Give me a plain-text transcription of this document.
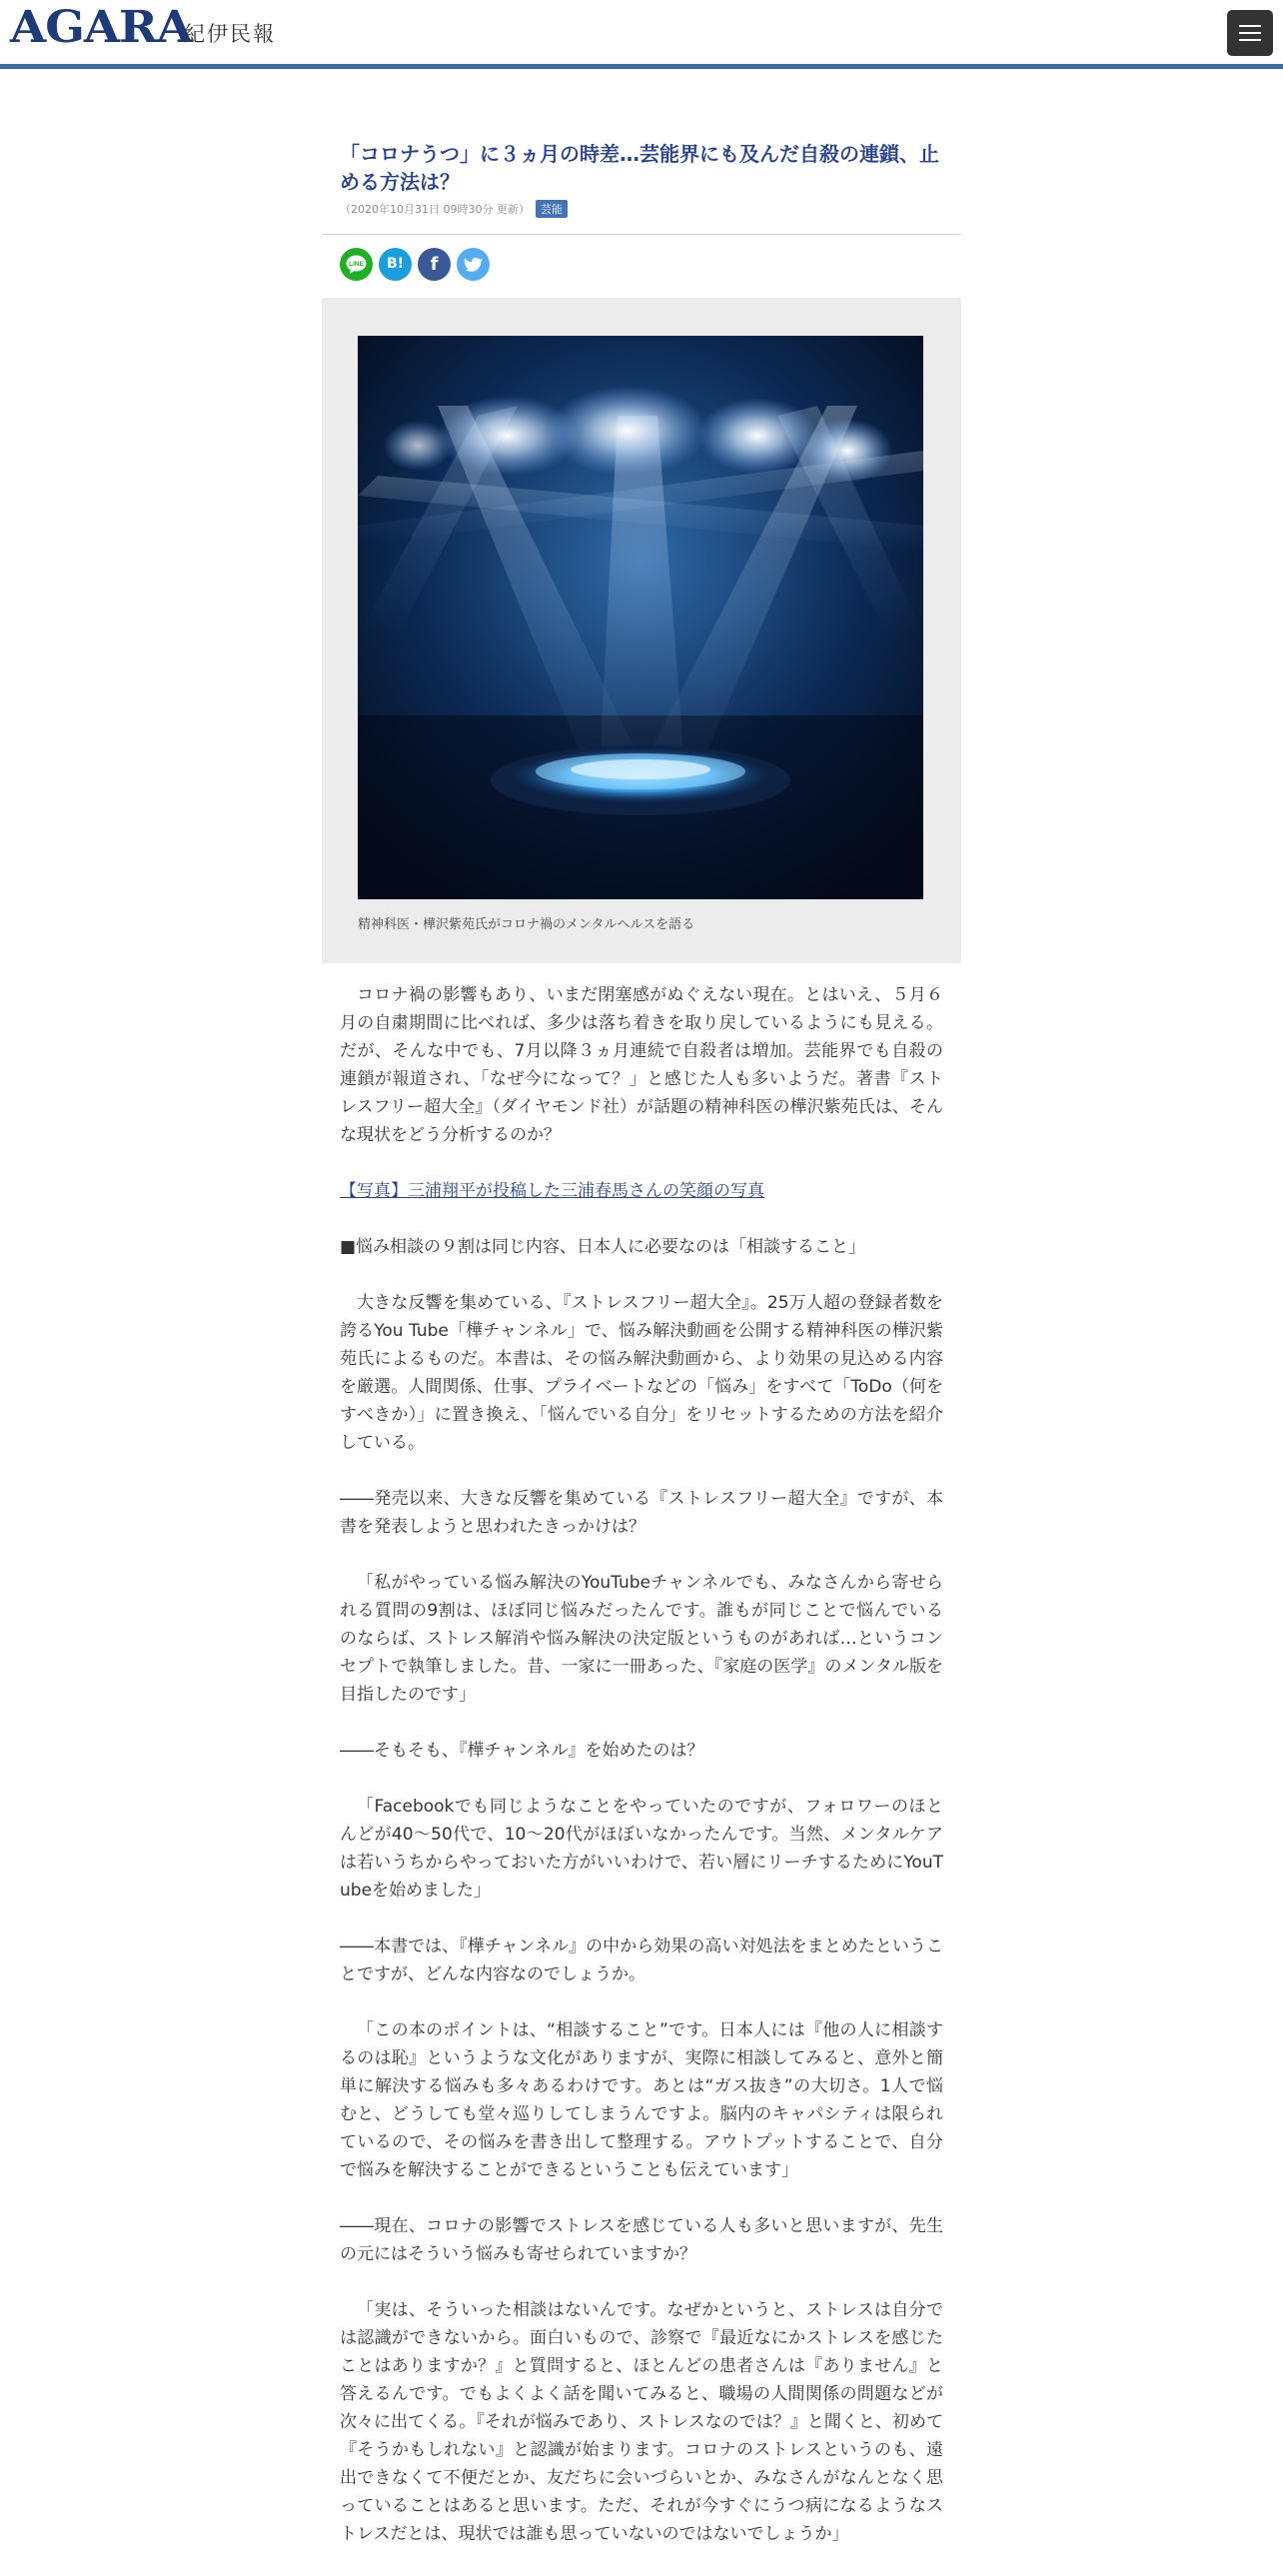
AGARA
紀伊民報
「コロナうつ」に３ヵ月の時差…芸能界にも及んだ自殺の連鎖、止める方法は？
（2020年10月31日 09時30分 更新） 芸能
LINE B! f
精神科医・樺沢紫苑氏がコロナ禍のメンタルヘルスを語る

コロナ禍の影響もあり、いまだ閉塞感がぬぐえない現在。とはいえ、５月６月の自粛期間に比べれば、多少は落ち着きを取り戻しているようにも見える。だが、そんな中でも、7月以降３ヵ月連続で自殺者は増加。芸能界でも自殺の連鎖が報道され、「なぜ今になって？」と感じた人も多いようだ。著書『ストレスフリー超大全』（ダイヤモンド社）が話題の精神科医の樺沢紫苑氏は、そんな現状をどう分析するのか？

【写真】三浦翔平が投稿した三浦春馬さんの笑顔の写真

■悩み相談の９割は同じ内容、日本人に必要なのは「相談すること」

大きな反響を集めている、『ストレスフリー超大全』。25万人超の登録者数を誇るYou Tube「樺チャンネル」で、悩み解決動画を公開する精神科医の樺沢紫苑氏によるものだ。本書は、その悩み解決動画から、より効果の見込める内容を厳選。人間関係、仕事、プライベートなどの「悩み」をすべて「ToDo（何をすべきか）」に置き換え、「悩んでいる自分」をリセットするための方法を紹介している。

――発売以来、大きな反響を集めている『ストレスフリー超大全』ですが、本書を発表しようと思われたきっかけは？

「私がやっている悩み解決のYouTubeチャンネルでも、みなさんから寄せられる質問の9割は、ほぼ同じ悩みだったんです。誰もが同じことで悩んでいるのならば、ストレス解消や悩み解決の決定版というものがあれば…というコンセプトで執筆しました。昔、一家に一冊あった、『家庭の医学』のメンタル版を目指したのです」

――そもそも、『樺チャンネル』を始めたのは？

「Facebookでも同じようなことをやっていたのですが、フォロワーのほとんどが40～50代で、10～20代がほぼいなかったんです。当然、メンタルケアは若いうちからやっておいた方がいいわけで、若い層にリーチするためにYouTubeを始めました」

――本書では、『樺チャンネル』の中から効果の高い対処法をまとめたということですが、どんな内容なのでしょうか。

「この本のポイントは、“相談すること”です。日本人には『他の人に相談するのは恥』というような文化がありますが、実際に相談してみると、意外と簡単に解決する悩みも多々あるわけです。あとは“ガス抜き”の大切さ。1人で悩むと、どうしても堂々巡りしてしまうんですよ。脳内のキャパシティは限られているので、その悩みを書き出して整理する。アウトプットすることで、自分で悩みを解決することができるということも伝えています」

――現在、コロナの影響でストレスを感じている人も多いと思いますが、先生の元にはそういう悩みも寄せられていますか？

「実は、そういった相談はないんです。なぜかというと、ストレスは自分では認識ができないから。面白いもので、診察で『最近なにかストレスを感じたことはありますか？』と質問すると、ほとんどの患者さんは『ありません』と答えるんです。でもよくよく話を聞いてみると、職場の人間関係の問題などが次々に出てくる。『それが悩みであり、ストレスなのでは？』と聞くと、初めて『そうかもしれない』と認識が始まります。コロナのストレスというのも、遠出できなくて不便だとか、友だちに会いづらいとか、みなさんがなんとなく思っていることはあると思います。ただ、それが今すぐにうつ病になるようなストレスだとは、現状では誰も思っていないのではないでしょうか」
